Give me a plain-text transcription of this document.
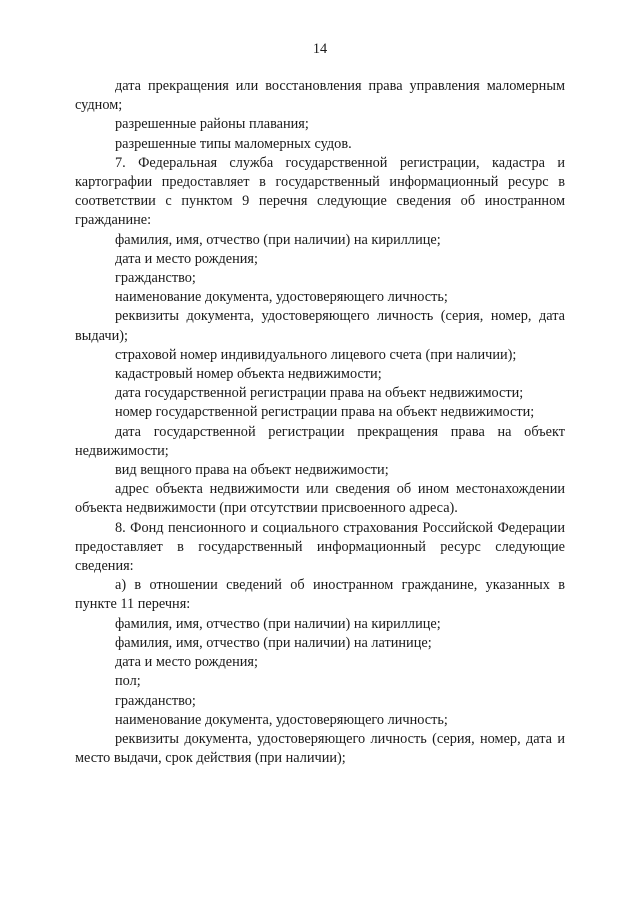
14

дата прекращения или восстановления права управления маломерным судном;

разрешенные районы плавания;

разрешенные типы маломерных судов.

7. Федеральная служба государственной регистрации, кадастра и картографии предоставляет в государственный информационный ресурс в соответствии с пунктом 9 перечня следующие сведения об иностранном гражданине:

фамилия, имя, отчество (при наличии) на кириллице;

дата и место рождения;

гражданство;

наименование документа, удостоверяющего личность;

реквизиты документа, удостоверяющего личность (серия, номер, дата выдачи);

страховой номер индивидуального лицевого счета (при наличии);

кадастровый номер объекта недвижимости;

дата государственной регистрации права на объект недвижимости;

номер государственной регистрации права на объект недвижимости;

дата государственной регистрации прекращения права на объект недвижимости;

вид вещного права на объект недвижимости;

адрес объекта недвижимости или сведения об ином местонахождении объекта недвижимости (при отсутствии присвоенного адреса).

8. Фонд пенсионного и социального страхования Российской Федерации предоставляет в государственный информационный ресурс следующие сведения:

а) в отношении сведений об иностранном гражданине, указанных в пункте 11 перечня:

фамилия, имя, отчество (при наличии) на кириллице;

фамилия, имя, отчество (при наличии) на латинице;

дата и место рождения;

пол;

гражданство;

наименование документа, удостоверяющего личность;

реквизиты документа, удостоверяющего личность (серия, номер, дата и место выдачи, срок действия (при наличии);
